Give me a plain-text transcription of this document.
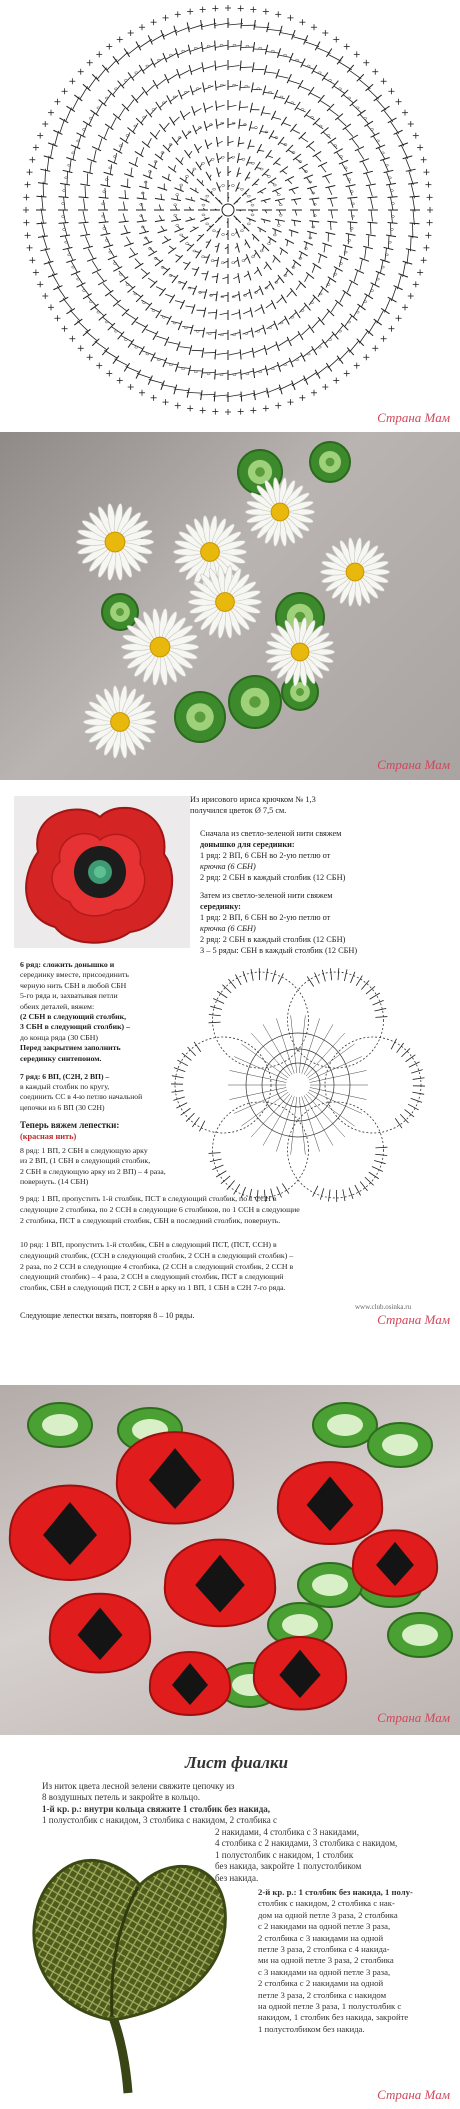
Страна Мам
Страна Мам
Из ирисового ириса крючком № 1,3
получился цветок Ø 7,5 см.
Сначала из светло-зеленой нити свяжем
донышко для серединки:
1 ряд: 2 ВП, 6 СБН во 2-ую петлю от
крючка (6 СБН)
2 ряд: 2 СБН в каждый столбик (12 СБН)
Затем из светло-зеленой нити свяжем
серединку:
1 ряд: 2 ВП, 6 СБН во 2-ую петлю от
крючка (6 СБН)
2 ряд: 2 СБН в каждый столбик (12 СБН)
3 – 5 ряды: СБН в каждый столбик (12 СБН)
6 ряд: сложить донышко и
серединку вместе, присоединить
черную нить СБН в любой СБН
5-го ряда и, захватывая петли
обеих деталей, вяжем:
(2 СБН в следующий столбик,
3 СБН в следующий столбик) –
до конца ряда (30 СБН)
Перед закрытием заполнить
серединку синтепоном.
7 ряд: 6 ВП, (С2Н, 2 ВП) –
в каждый столбик по кругу,
соединить СС в 4-ю петлю начальной
цепочки из 6 ВП (30 С2Н)
Теперь вяжем лепестки:
(красная нить)
8 ряд: 1 ВП, 2 СБН в следующую арку
из 2 ВП, (1 СБН в следующий столбик,
2 СБН в следующую арку из 2 ВП) – 4 раза,
повернуть. (14 СБН)
9 ряд: 1 ВП, пропустить 1-й столбик, ПСТ в следующий столбик, по 1 ССН в
следующие 2 столбика, по 2 ССН в следующие 6 столбиков, по 1 ССН в следующие
2 столбика, ПСТ в следующий столбик, СБН в последний столбик, повернуть.
10 ряд: 1 ВП, пропустить 1-й столбик, СБН в следующий ПСТ, (ПСТ, ССН) в
следующий столбик, (ССН в следующий столбик, 2 ССН в следующий столбик) –
2 раза, по 2 ССН в следующие 4 столбика, (2 ССН в следующий столбик, 2 ССН в
следующий столбик) – 4 раза, 2 ССН в следующий столбик, ПСТ в следующий
столбик, СБН в следующий ПСТ, 2 СБН в арку из 1 ВП, 1 СБН в С2Н 7-го ряда.
Следующие лепестки вязать, повторяя 8 – 10 ряды.
www.club.osinka.ru
Страна Мам
Страна Мам
Лист фиалки
Из ниток цвета лесной зелени свяжите цепочку из
8 воздушных петель и закройте в кольцо.
1-й кр. р.: внутри кольца свяжите 1 столбик без накида,
1 полустолбик с накидом, 3 столбика с накидом, 2 столбика с
2 накидами, 4 столбика с 3 накидами,
4 столбика с 2 накидами, 3 столбика с накидом,
1 полустолбик с накидом, 1 столбик
без накида, закройте 1 полустолбиком
без накида.
2-й кр. р.: 1 столбик без накида, 1 полу-
столбик с накидом, 2 столбика с нак-
дом на одной петле 3 раза, 2 столбика
с 2 накидами на одной петле 3 раза,
2 столбика с 3 накидами на одной
петле 3 раза, 2 столбика с 4 накида-
ми на одной петле 3 раза, 2 столбика
с 3 накидами на одной петле 3 раза,
2 столбика с 2 накидами на одной
петле 3 раза, 2 столбика с накидом
на одной петле 3 раза, 1 полустолбик с
накидом, 1 столбик без накида, закройте
1 полустолбиком без накида.
Страна Мам
